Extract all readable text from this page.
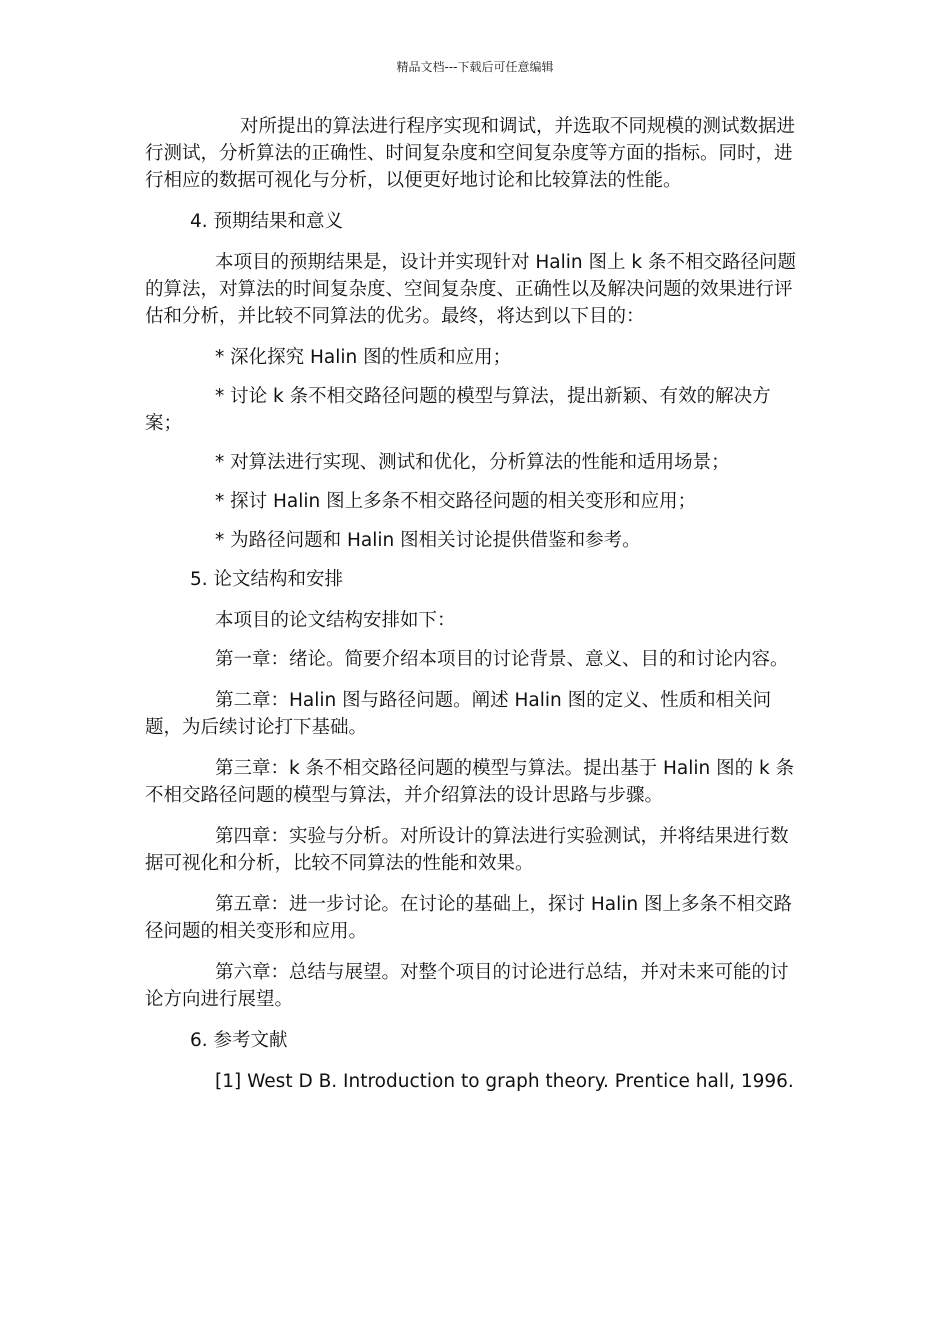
精品文档---下载后可任意编辑

对所提出的算法进行程序实现和调试，并选取不同规模的测试数据进行测试，分析算法的正确性、时间复杂度和空间复杂度等方面的指标。同时，进行相应的数据可视化与分析，以便更好地讨论和比较算法的性能。

4. 预期结果和意义

本项目的预期结果是，设计并实现针对 Halin 图上 k 条不相交路径问题的算法，对算法的时间复杂度、空间复杂度、正确性以及解决问题的效果进行评估和分析，并比较不同算法的优劣。最终，将达到以下目的：

* 深化探究 Halin 图的性质和应用；

* 讨论 k 条不相交路径问题的模型与算法，提出新颖、有效的解决方案；

* 对算法进行实现、测试和优化，分析算法的性能和适用场景；

* 探讨 Halin 图上多条不相交路径问题的相关变形和应用；

* 为路径问题和 Halin 图相关讨论提供借鉴和参考。

5. 论文结构和安排

本项目的论文结构安排如下：

第一章：绪论。简要介绍本项目的讨论背景、意义、目的和讨论内容。

第二章：Halin 图与路径问题。阐述 Halin 图的定义、性质和相关问题，为后续讨论打下基础。

第三章：k 条不相交路径问题的模型与算法。提出基于 Halin 图的 k 条不相交路径问题的模型与算法，并介绍算法的设计思路与步骤。

第四章：实验与分析。对所设计的算法进行实验测试，并将结果进行数据可视化和分析，比较不同算法的性能和效果。

第五章：进一步讨论。在讨论的基础上，探讨 Halin 图上多条不相交路径问题的相关变形和应用。

第六章：总结与展望。对整个项目的讨论进行总结，并对未来可能的讨论方向进行展望。

6. 参考文献

[1] West D B. Introduction to graph theory. Prentice hall, 1996.
